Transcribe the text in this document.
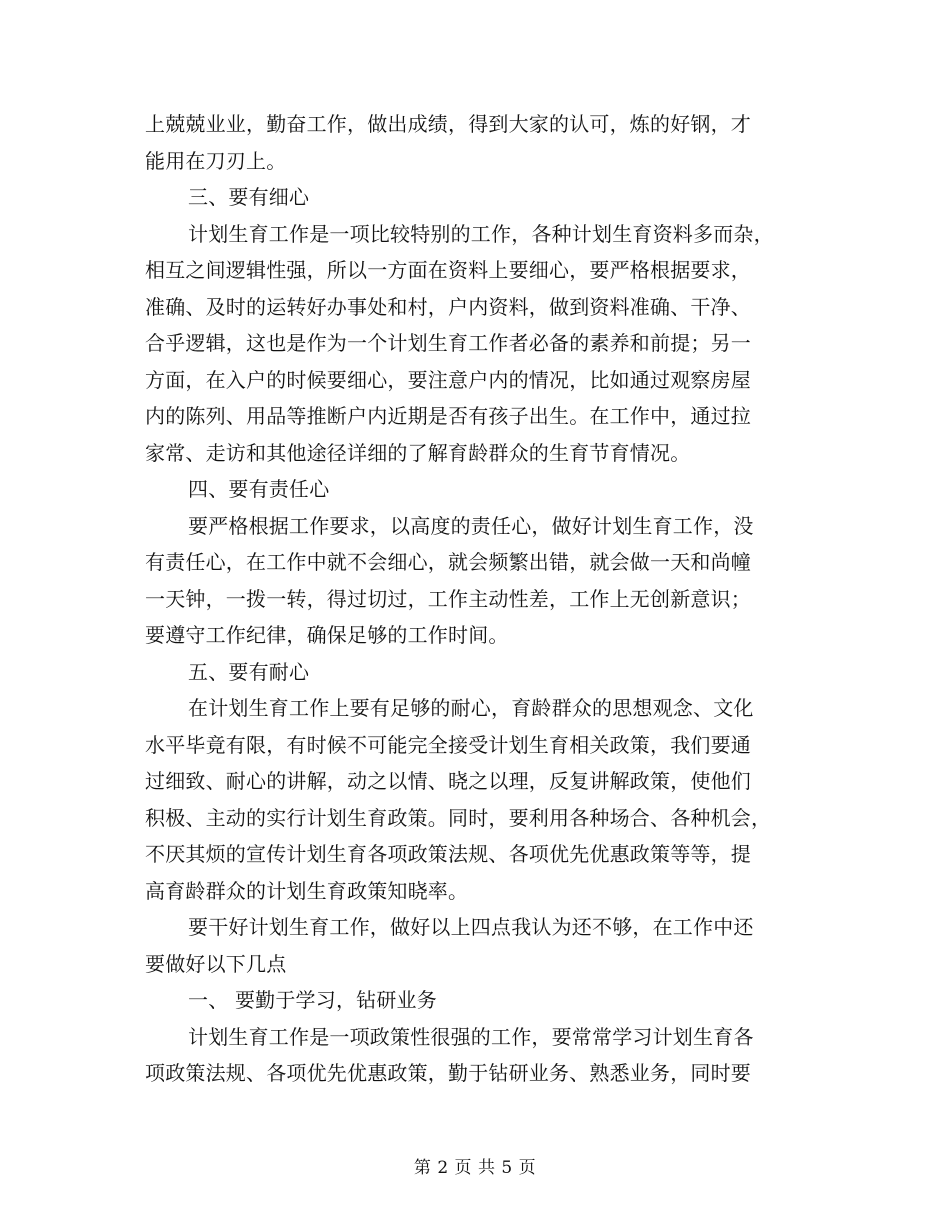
上兢兢业业，勤奋工作，做出成绩，得到大家的认可，炼的好钢，才
能用在刀刃上。
三、要有细心
计划生育工作是一项比较特别的工作，各种计划生育资料多而杂，
相互之间逻辑性强，所以一方面在资料上要细心，要严格根据要求，
准确、及时的运转好办事处和村，户内资料，做到资料准确、干净、
合乎逻辑，这也是作为一个计划生育工作者必备的素养和前提；另一
方面，在入户的时候要细心，要注意户内的情况，比如通过观察房屋
内的陈列、用品等推断户内近期是否有孩子出生。在工作中，通过拉
家常、走访和其他途径详细的了解育龄群众的生育节育情况。
四、要有责任心
要严格根据工作要求，以高度的责任心，做好计划生育工作，没
有责任心，在工作中就不会细心，就会频繁出错，就会做一天和尚幢
一天钟，一拨一转，得过切过，工作主动性差，工作上无创新意识；
要遵守工作纪律，确保足够的工作时间。
五、要有耐心
在计划生育工作上要有足够的耐心，育龄群众的思想观念、文化
水平毕竟有限，有时候不可能完全接受计划生育相关政策，我们要通
过细致、耐心的讲解，动之以情、晓之以理，反复讲解政策，使他们
积极、主动的实行计划生育政策。同时，要利用各种场合、各种机会，
不厌其烦的宣传计划生育各项政策法规、各项优先优惠政策等等，提
高育龄群众的计划生育政策知晓率。
要干好计划生育工作，做好以上四点我认为还不够，在工作中还
要做好以下几点
一、 要勤于学习，钻研业务
计划生育工作是一项政策性很强的工作，要常常学习计划生育各
项政策法规、各项优先优惠政策，勤于钻研业务、熟悉业务，同时要
第 2 页 共 5 页
